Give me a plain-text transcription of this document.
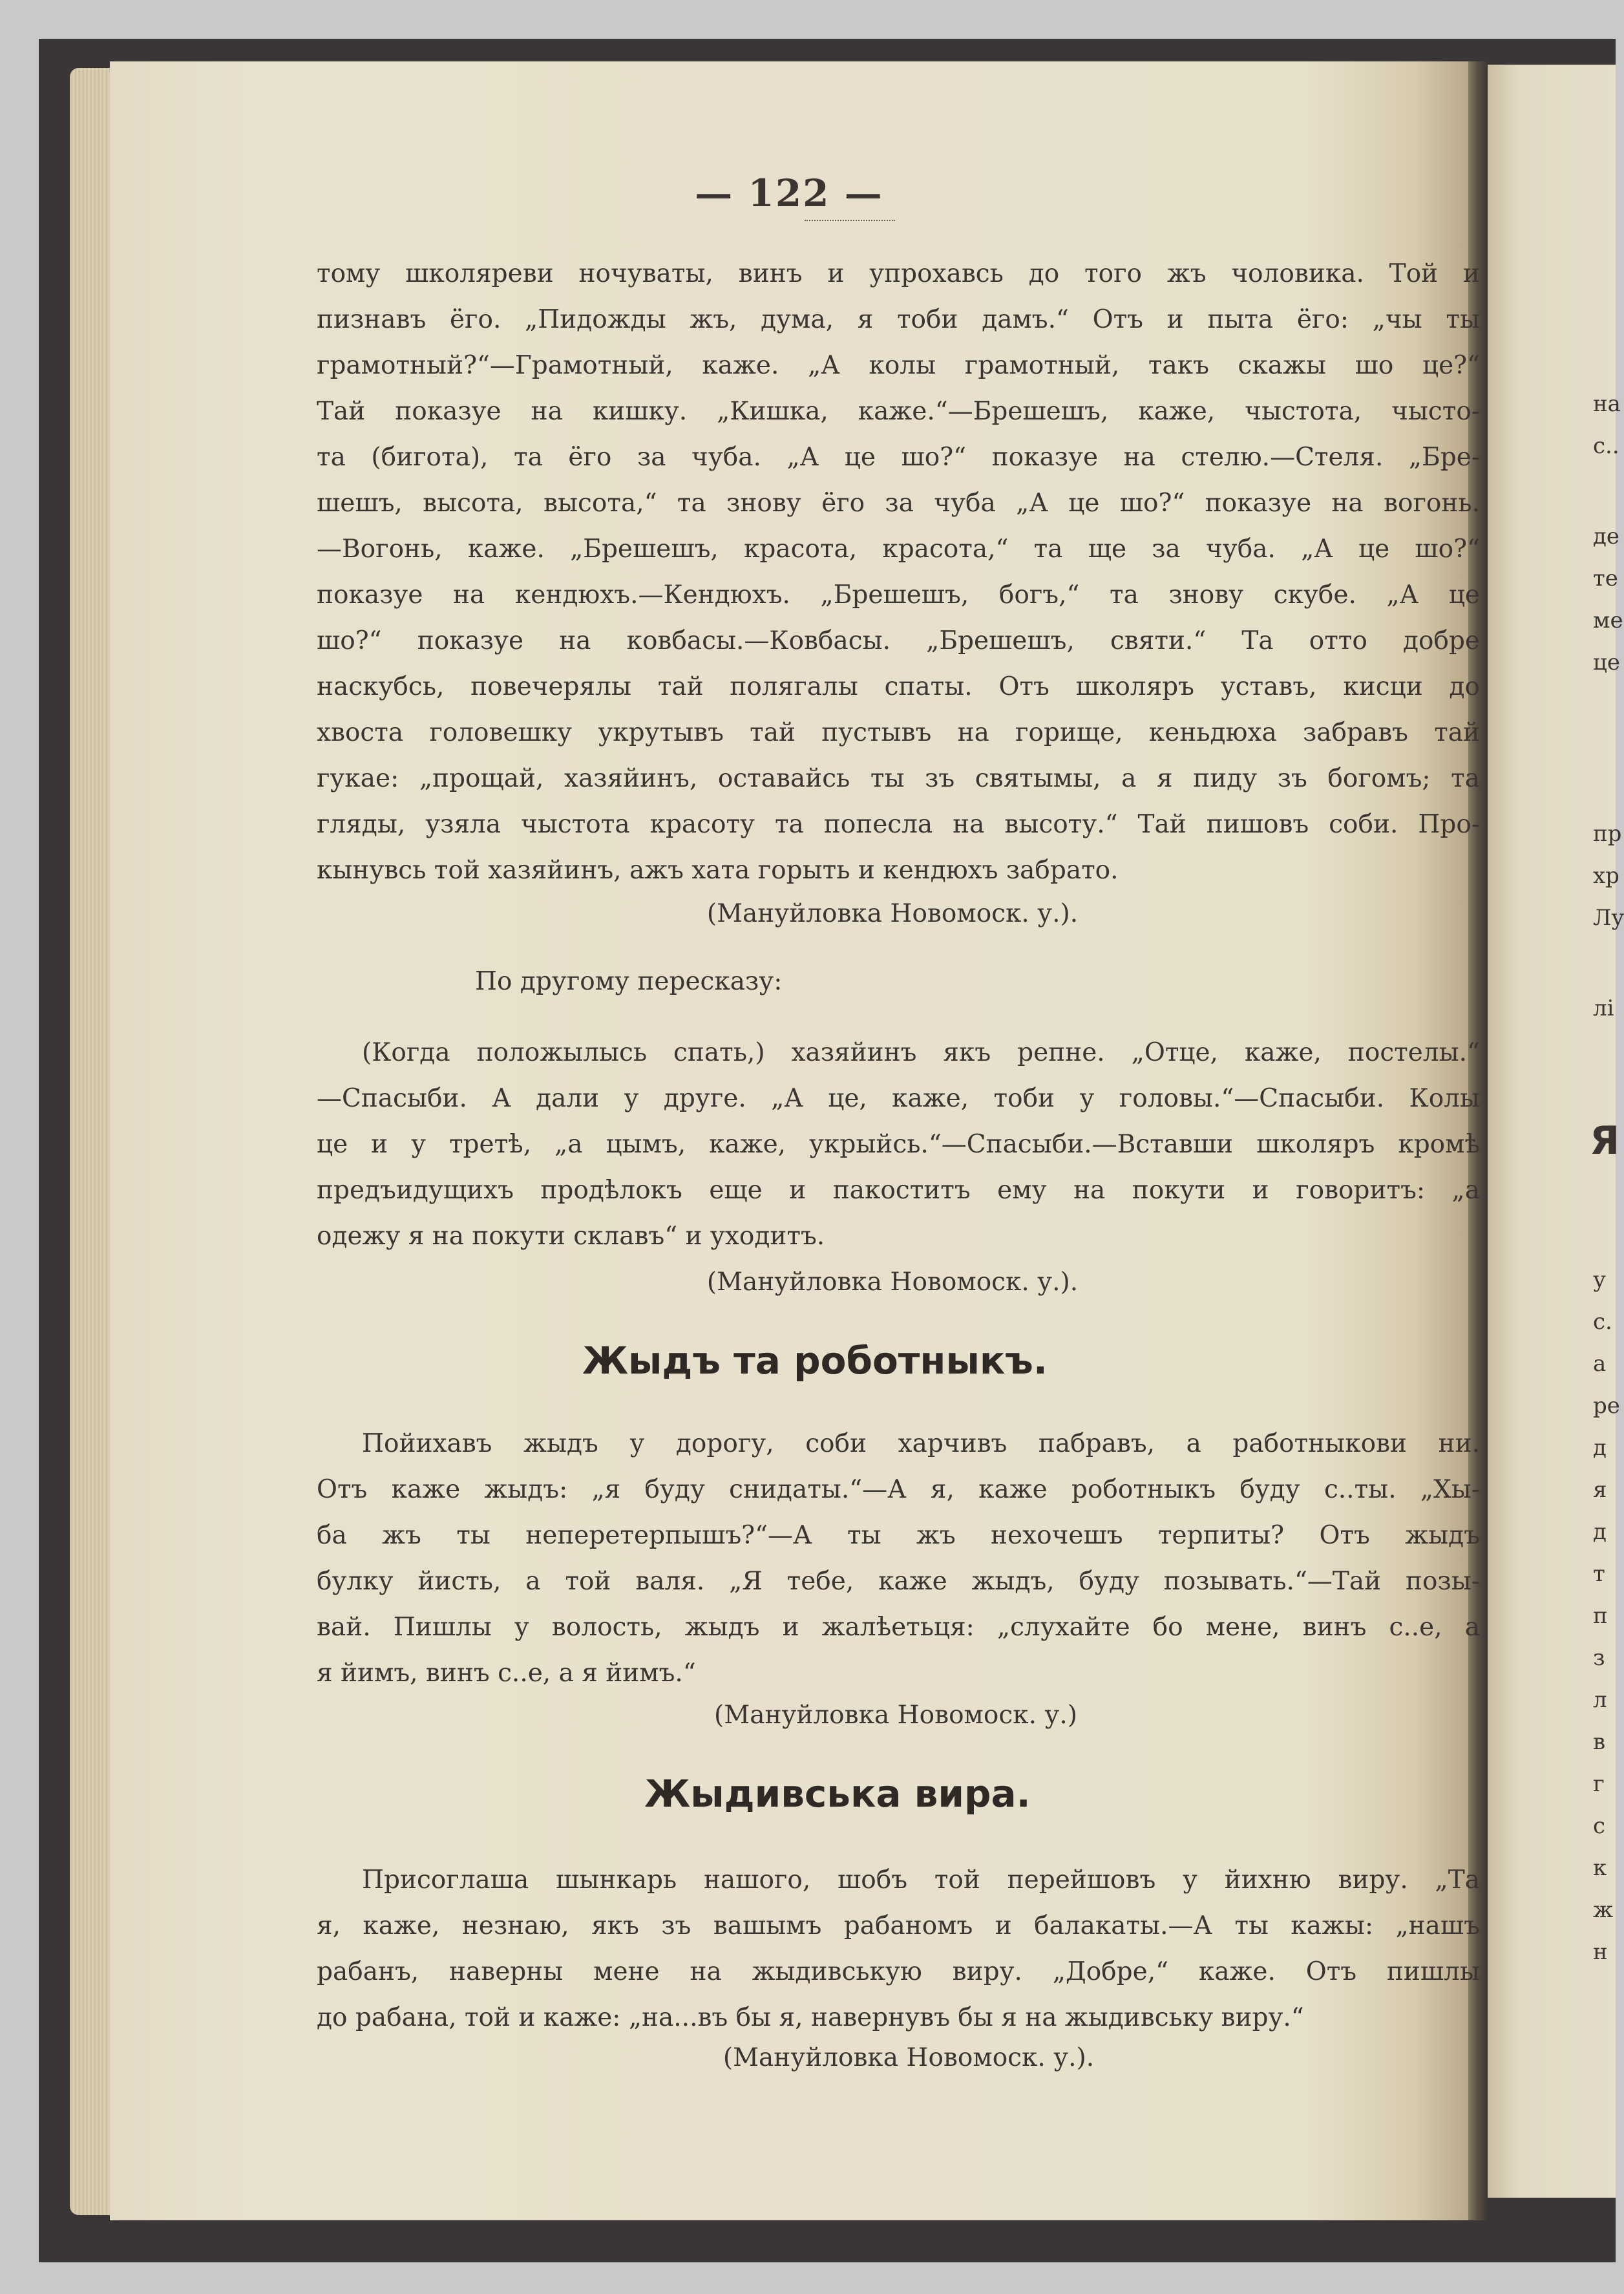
на
с..
де
те
ме
це
пр
хр
Лу
лі
Я
у
с.
а
ре
д
я
д
т
п
з
л
в
г
с
к
ж
н
— 122 —
тому школяреви ночуваты, винъ и упрохавсь до того жъ чоловика. Той и
пизнавъ ёго. „Пидожды жъ, дума, я тоби дамъ.“ Отъ и пыта ёго: „чы ты
грамотный?“—Грамотный, каже. „А колы грамотный, такъ скажы шо це?“
Тай показуе на кишку. „Кишка, каже.“—Брешешъ, каже, чыстота, чысто-
та (бигота), та ёго за чуба. „А це шо?“ показуе на стелю.—Стеля. „Бре-
шешъ, высота, высота,“ та знову ёго за чуба „А це шо?“ показуе на вогонь.
—Вогонь, каже. „Брешешъ, красота, красота,“ та ще за чуба. „А це шо?“
показуе на кендюхъ.—Кендюхъ. „Брешешъ, богъ,“ та знову скубе. „А це
шо?“ показуе на ковбасы.—Ковбасы. „Брешешъ, святи.“ Та отто добре
наскубсь, повечерялы тай полягалы спаты. Отъ школяръ уставъ, кисци до
хвоста головешку укрутывъ тай пустывъ на горище, кеньдюха забравъ тай
гукае: „прощай, хазяйинъ, оставайсь ты зъ святымы, а я пиду зъ богомъ; та
гляды, узяла чыстота красоту та попесла на высоту.“ Тай пишовъ соби. Про-
кынувсь той хазяйинъ, ажъ хата горыть и кендюхъ забрато.
(Мануйловка Новомоск. у.).
По другому пересказу:
(Когда положылысь спать,) хазяйинъ якъ репне. „Отце, каже, постелы.“
—Спасыби. А дали у друге. „А це, каже, тоби у головы.“—Спасыби. Колы
це и у третѣ, „а цымъ, каже, укрыйсь.“—Спасыби.—Вставши школяръ кромѣ
предъидущихъ продѣлокъ еще и пакоститъ ему на покути и говоритъ: „а
одежу я на покути склавъ“ и уходитъ.
(Мануйловка Новомоск. у.).
Жыдъ та роботныкъ.
Пойихавъ жыдъ у дорогу, соби харчивъ пабравъ, а работныкови ни.
Отъ каже жыдъ: „я буду снидаты.“—А я, каже роботныкъ буду с..ты. „Хы-
ба жъ ты неперетерпышъ?“—А ты жъ нехочешъ терпиты? Отъ жыдъ
булку йисть, а той валя. „Я тебе, каже жыдъ, буду позывать.“—Тай позы-
вай. Пишлы у волость, жыдъ и жалѣетьця: „слухайте бо мене, винъ с..е, а
я йимъ, винъ с..е, а я йимъ.“
(Мануйловка Новомоск. у.)
Жыдивська вира.
Присоглаша шынкарь нашого, шобъ той перейшовъ у йихню виру. „Та
я, каже, незнаю, якъ зъ вашымъ рабаномъ и балакаты.—А ты кажы: „нашъ
рабанъ, наверны мене на жыдивськую виру. „Добре,“ каже. Отъ пишлы
до рабана, той и каже: „на...въ бы я, навернувъ бы я на жыдивську виру.“
(Мануйловка Новомоск. у.).
